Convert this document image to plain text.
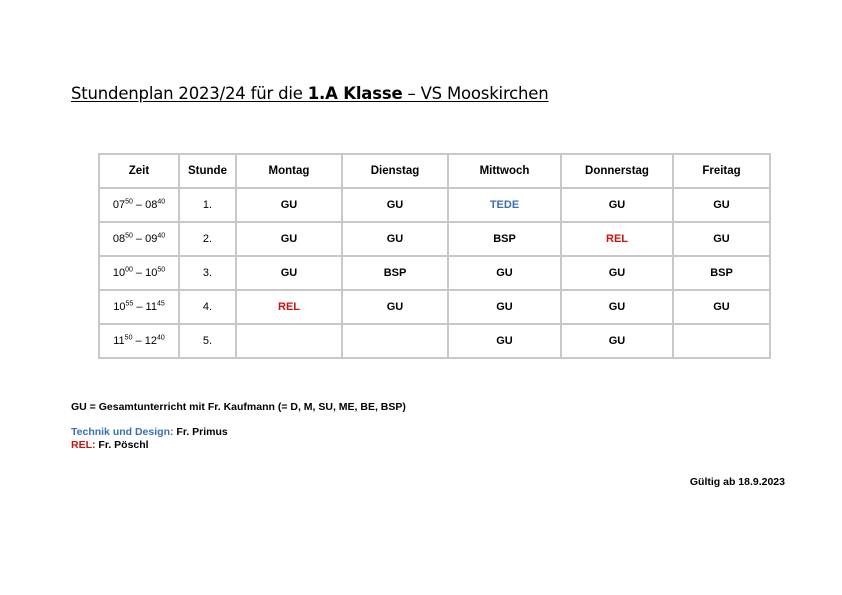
Stundenplan 2023/24 für die 1.A Klasse – VS Mooskirchen
Zeit	Stunde	Montag	Dienstag	Mittwoch	Donnerstag	Freitag
$07^{50} - 08^{40}$	1.	GU	GU	TEDE	GU	GU
$08^{50} - 09^{40}$	2.	GU	GU	BSP	REL	GU
$10^{00} - 10^{50}$	3.	GU	BSP	GU	GU	BSP
$10^{55} - 11^{45}$	4.	REL	GU	GU	GU	GU
$11^{50} - 12^{40}$	5.			GU	GU	
GU = Gesamtunterricht mit Fr. Kaufmann (= D, M, SU, ME, BE, BSP)
Technik und Design: Fr. Primus
REL: Fr. Pöschl
Gültig ab 18.9.2023
